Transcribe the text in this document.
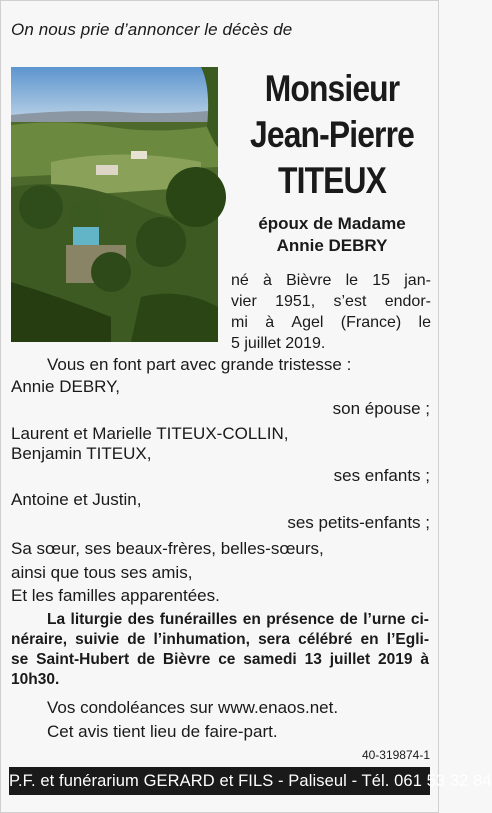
On nous prie d’annoncer le décès de
Monsieur
Jean-Pierre
TITEUX
époux de Madame
Annie DEBRY
né à Bièvre le 15 jan-
vier 1951, s’est endor-
mi à Agel (France) le
5 juillet 2019.
Vous en font part avec grande tristesse :
Annie DEBRY,
son épouse ;
Laurent et Marielle TITEUX-COLLIN,
Benjamin TITEUX,
ses enfants ;
Antoine et Justin,
ses petits-enfants ;
Sa sœur, ses beaux-frères, belles-sœurs,
ainsi que tous ses amis,
Et les familles apparentées.
La liturgie des funérailles en présence de l’urne ci-
néraire, suivie de l’inhumation, sera célébré en l’Egli-
se Saint-Hubert de Bièvre ce samedi 13 juillet 2019 à
10h30.
Vos condoléances sur www.enaos.net.
Cet avis tient lieu de faire-part.
40-319874-1
P.F. et funérarium GERARD et FILS - Paliseul - Tél. 061 53 32 84
